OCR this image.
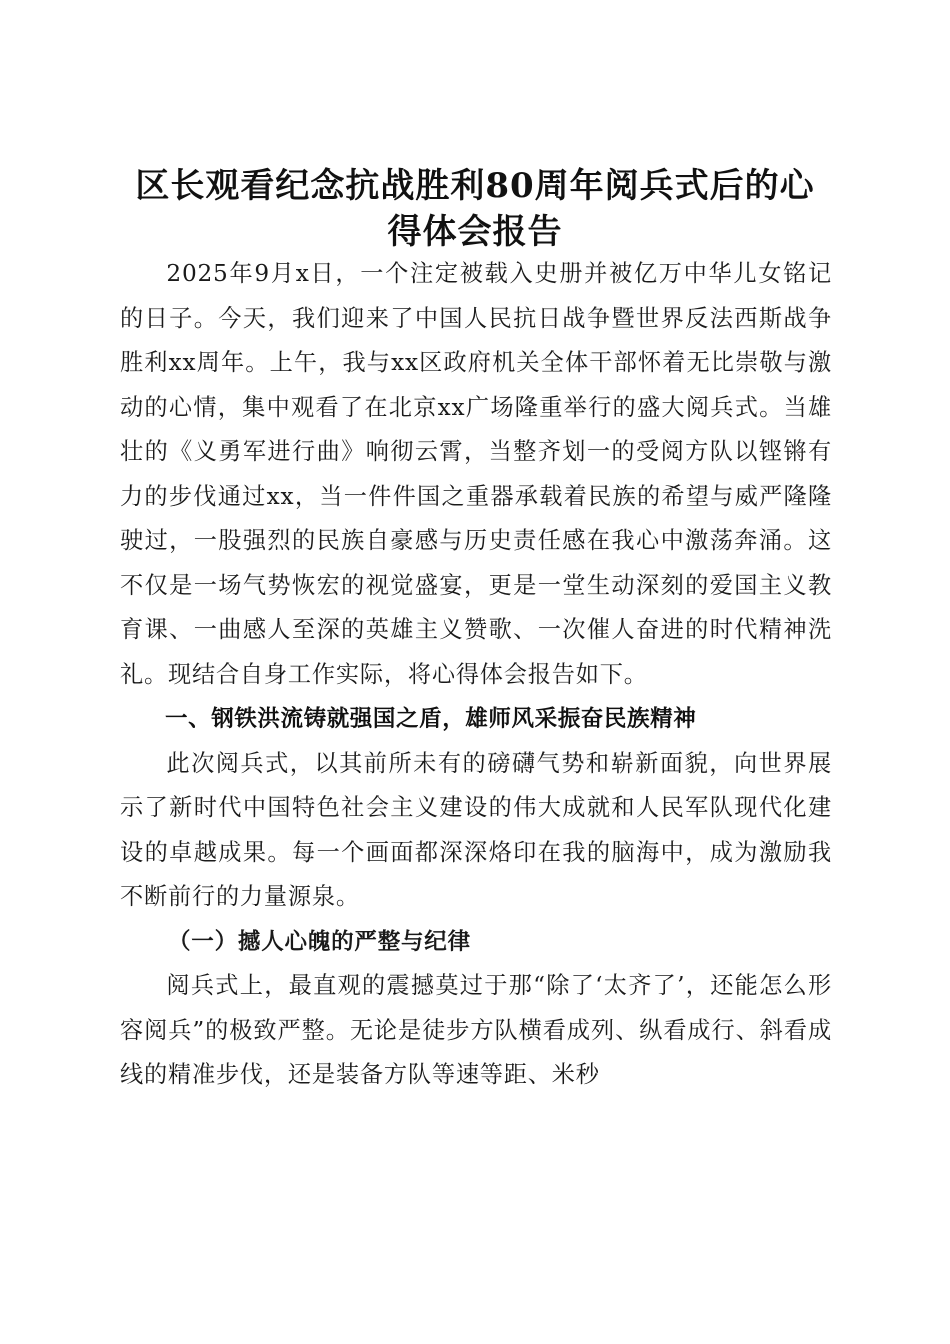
区长观看纪念抗战胜利80周年阅兵式后的心
得体会报告

2025年9月x日，一个注定被载入史册并被亿万中华儿女铭记的日子。今天，我们迎来了中国人民抗日战争暨世界反法西斯战争胜利xx周年。上午，我与xx区政府机关全体干部怀着无比崇敬与激动的心情，集中观看了在北京xx广场隆重举行的盛大阅兵式。当雄壮的《义勇军进行曲》响彻云霄，当整齐划一的受阅方队以铿锵有力的步伐通过xx，当一件件国之重器承载着民族的希望与威严隆隆驶过，一股强烈的民族自豪感与历史责任感在我心中激荡奔涌。这不仅是一场气势恢宏的视觉盛宴，更是一堂生动深刻的爱国主义教育课、一曲感人至深的英雄主义赞歌、一次催人奋进的时代精神洗礼。现结合自身工作实际，将心得体会报告如下。

一、钢铁洪流铸就强国之盾，雄师风采振奋民族精神

此次阅兵式，以其前所未有的磅礴气势和崭新面貌，向世界展示了新时代中国特色社会主义建设的伟大成就和人民军队现代化建设的卓越成果。每一个画面都深深烙印在我的脑海中，成为激励我不断前行的力量源泉。

（一）撼人心魄的严整与纪律

阅兵式上，最直观的震撼莫过于那“除了‘太齐了’，还能怎么形容阅兵”的极致严整。无论是徒步方队横看成列、纵看成行、斜看成线的精准步伐，还是装备方队等速等距、米秒
